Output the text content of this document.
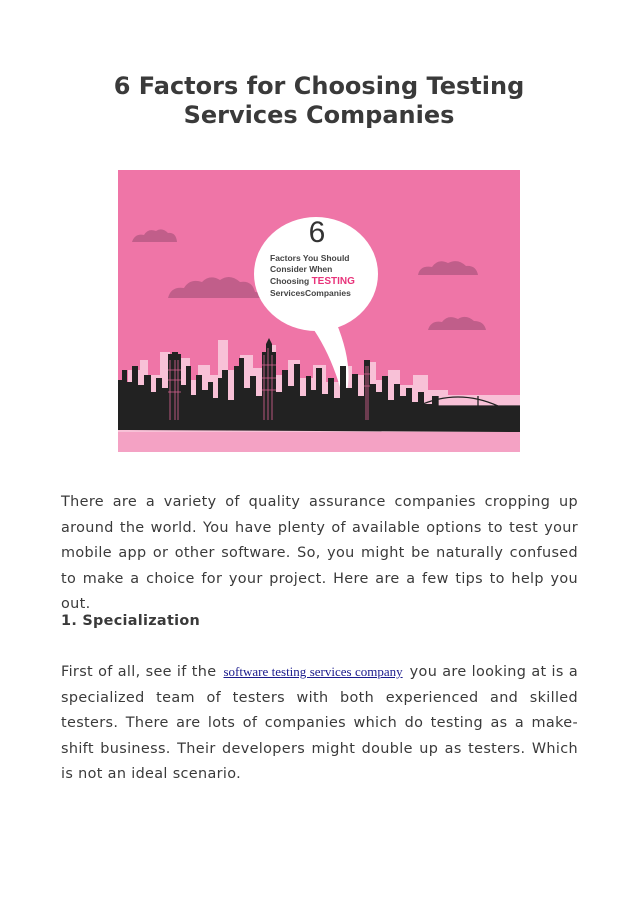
6 Factors for Choosing Testing
Services Companies
6
Factors You Should
Consider When
Choosing TESTING
ServicesCompanies

There are a variety of quality assurance companies cropping up around the world. You have plenty of available options to test your mobile app or other software. So, you might be naturally confused to make a choice for your project. Here are a few tips to help you out.

1. Specialization

First of all, see if the software testing services company you are looking at is a specialized team of testers with both experienced and skilled testers. There are lots of companies which do testing as a make-shift business. Their developers might double up as testers. Which is not an ideal scenario.
